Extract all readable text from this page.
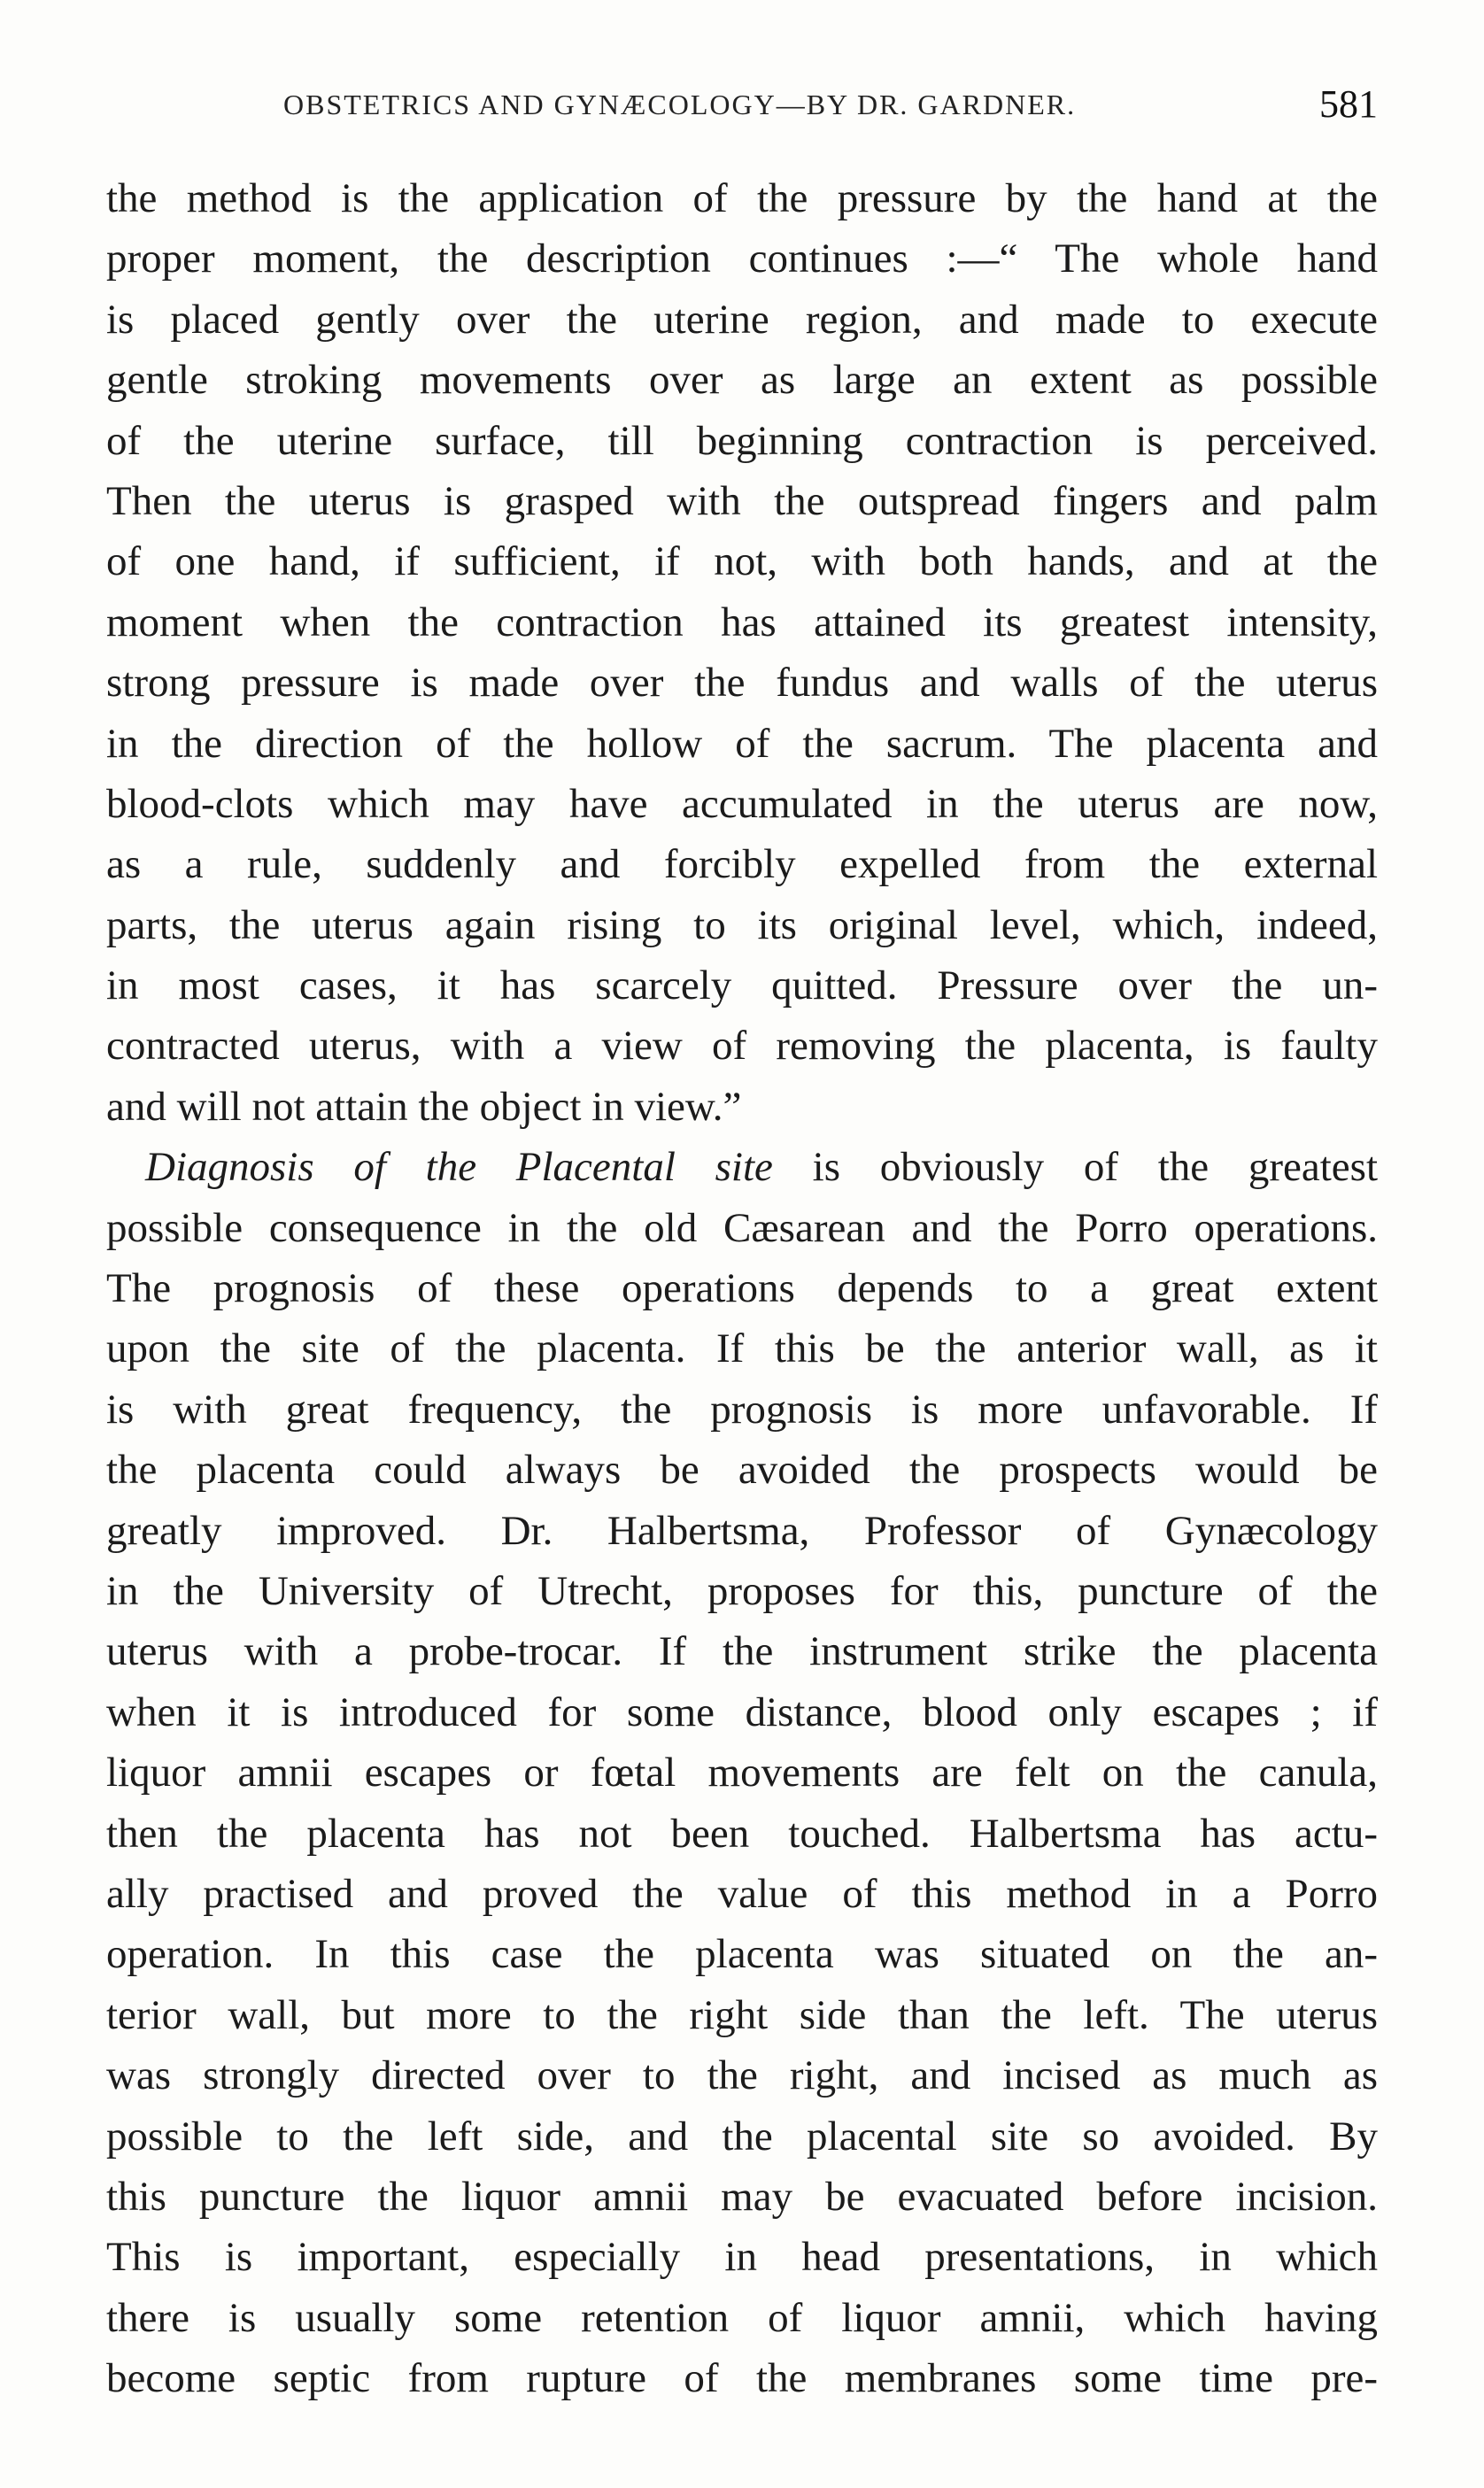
OBSTETRICS AND GYNÆCOLOGY—BY DR. GARDNER.	581
the method is the application of the pressure by the hand at the
proper moment, the description continues :—“ The whole hand
is placed gently over the uterine region, and made to execute
gentle stroking movements over as large an extent as possible
of the uterine surface, till beginning contraction is perceived.
Then the uterus is grasped with the outspread fingers and palm
of one hand, if sufficient, if not, with both hands, and at the
moment when the contraction has attained its greatest intensity,
strong pressure is made over the fundus and walls of the uterus
in the direction of the hollow of the sacrum. The placenta and
blood-clots which may have accumulated in the uterus are now,
as a rule, suddenly and forcibly expelled from the external
parts, the uterus again rising to its original level, which, indeed,
in most cases, it has scarcely quitted. Pressure over the un-
contracted uterus, with a view of removing the placenta, is faulty
and will not attain the object in view.”
Diagnosis of the Placental site is obviously of the greatest
possible consequence in the old Cæsarean and the Porro operations.
The prognosis of these operations depends to a great extent
upon the site of the placenta. If this be the anterior wall, as it
is with great frequency, the prognosis is more unfavorable. If
the placenta could always be avoided the prospects would be
greatly improved. Dr. Halbertsma, Professor of Gynæcology
in the University of Utrecht, proposes for this, puncture of the
uterus with a probe-trocar. If the instrument strike the placenta
when it is introduced for some distance, blood only escapes ; if
liquor amnii escapes or fœtal movements are felt on the canula,
then the placenta has not been touched. Halbertsma has actu-
ally practised and proved the value of this method in a Porro
operation. In this case the placenta was situated on the an-
terior wall, but more to the right side than the left. The uterus
was strongly directed over to the right, and incised as much as
possible to the left side, and the placental site so avoided. By
this puncture the liquor amnii may be evacuated before incision.
This is important, especially in head presentations, in which
there is usually some retention of liquor amnii, which having
become septic from rupture of the membranes some time pre-
